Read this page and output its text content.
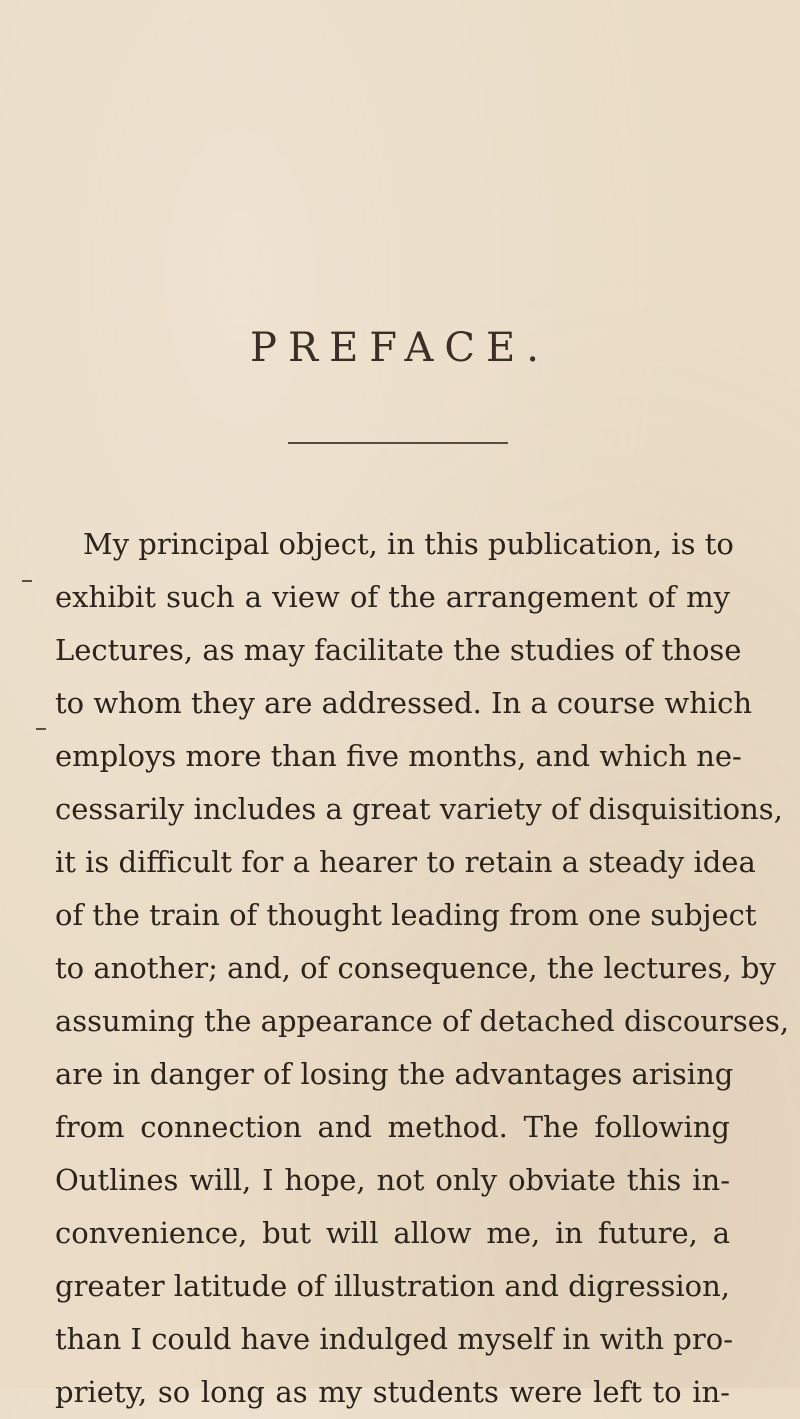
PREFACE.
My principal object, in this publication, is to
exhibit such a view of the arrangement of my
Lectures, as may facilitate the studies of those
to whom they are addressed. In a course which
employs more than five months, and which ne-
cessarily includes a great variety of disquisitions,
it is difficult for a hearer to retain a steady idea
of the train of thought leading from one subject
to another; and, of consequence, the lectures, by
assuming the appearance of detached discourses,
are in danger of losing the advantages arising
from connection and method. The following
Outlines will, I hope, not only obviate this in-
convenience, but will allow me, in future, a
greater latitude of illustration and digression,
than I could have indulged myself in with pro-
priety, so long as my students were left to in-
